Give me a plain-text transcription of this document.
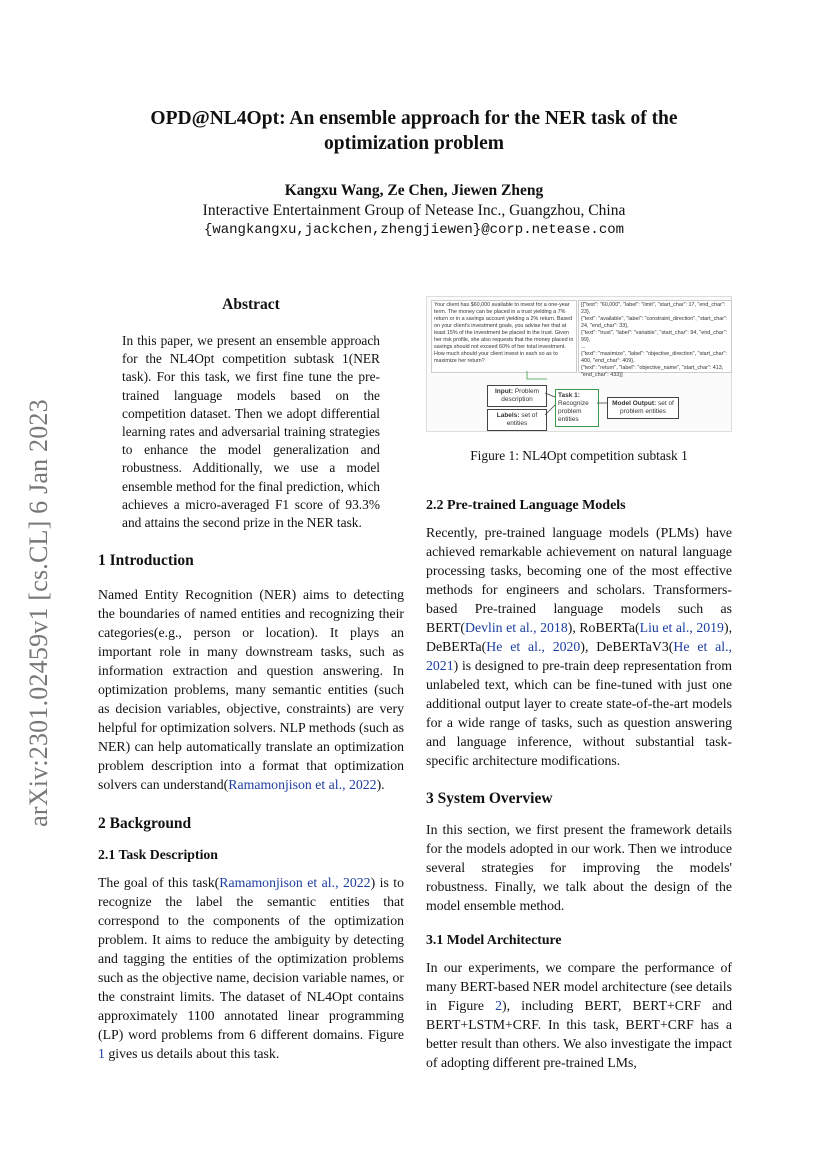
arXiv:2301.02459v1 [cs.CL] 6 Jan 2023
OPD@NL4Opt: An ensemble approach for the NER task of the optimization problem
Kangxu Wang, Ze Chen, Jiewen Zheng
Interactive Entertainment Group of Netease Inc., Guangzhou, China
{wangkangxu,jackchen,zhengjiewen}@corp.netease.com
Abstract

In this paper, we present an ensemble approach for the NL4Opt competition subtask 1(NER task). For this task, we first fine tune the pre-trained language models based on the competition dataset. Then we adopt differential learning rates and adversarial training strategies to enhance the model generalization and robustness. Additionally, we use a model ensemble method for the final prediction, which achieves a micro-averaged F1 score of 93.3% and attains the second prize in the NER task.

1 Introduction

Named Entity Recognition (NER) aims to detecting the boundaries of named entities and recognizing their categories(e.g., person or location). It plays an important role in many downstream tasks, such as information extraction and question answering. In optimization problems, many semantic entities (such as decision variables, objective, constraints) are very helpful for optimization solvers. NLP methods (such as NER) can help automatically translate an optimization problem description into a format that optimization solvers can understand(Ramamonjison et al., 2022).

2 Background
2.1 Task Description

The goal of this task(Ramamonjison et al., 2022) is to recognize the label the semantic entities that correspond to the components of the optimization problem. It aims to reduce the ambiguity by detecting and tagging the entities of the optimization problems such as the objective name, decision variable names, or the constraint limits. The dataset of NL4Opt contains approximately 1100 annotated linear programming (LP) word problems from 6 different domains. Figure 1 gives us details about this task.

Your client has $60,000 available to invest for a one-year term. The money can be placed in a trust yielding a 7% return or in a savings account yielding a 2% return. Based on your client's investment goals, you advise her that at least 15% of the investment be placed in the trust. Given her risk profile, she also requests that the money placed in savings should not exceed 60% of her total investment. How much should your client invest in each so as to maximize her return?
[{"text": "60,000", "label": "limit", "start_char": 17, "end_char": 23},
{"text": "available", "label": "constraint_direction", "start_char": 24, "end_char": 33},
{"text": "trust", "label": "variable", "start_char": 94, "end_char": 99},
...
{"text": "maximize", "label": "objective_direction", "start_char": 400, "end_char": 409},
{"text": "return", "label": "objective_name", "start_char": 413, "end_char": 433}]
Input: Problem description
Labels: set of entities
Task 1:
Recognize problem entities
Model Output: set of problem entities
Figure 1: NL4Opt competition subtask 1
2.2 Pre-trained Language Models

Recently, pre-trained language models (PLMs) have achieved remarkable achievement on natural language processing tasks, becoming one of the most effective methods for engineers and scholars. Transformers-based Pre-trained language models such as BERT(Devlin et al., 2018), RoBERTa(Liu et al., 2019), DeBERTa(He et al., 2020), DeBERTaV3(He et al., 2021) is designed to pre-train deep representation from unlabeled text, which can be fine-tuned with just one additional output layer to create state-of-the-art models for a wide range of tasks, such as question answering and language inference, without substantial task-specific architecture modifications.

3 System Overview

In this section, we first present the framework details for the models adopted in our work. Then we introduce several strategies for improving the models' robustness. Finally, we talk about the design of the model ensemble method.

3.1 Model Architecture

In our experiments, we compare the performance of many BERT-based NER model architecture (see details in Figure 2), including BERT, BERT+CRF and BERT+LSTM+CRF. In this task, BERT+CRF has a better result than others. We also investigate the impact of adopting different pre-trained LMs,
